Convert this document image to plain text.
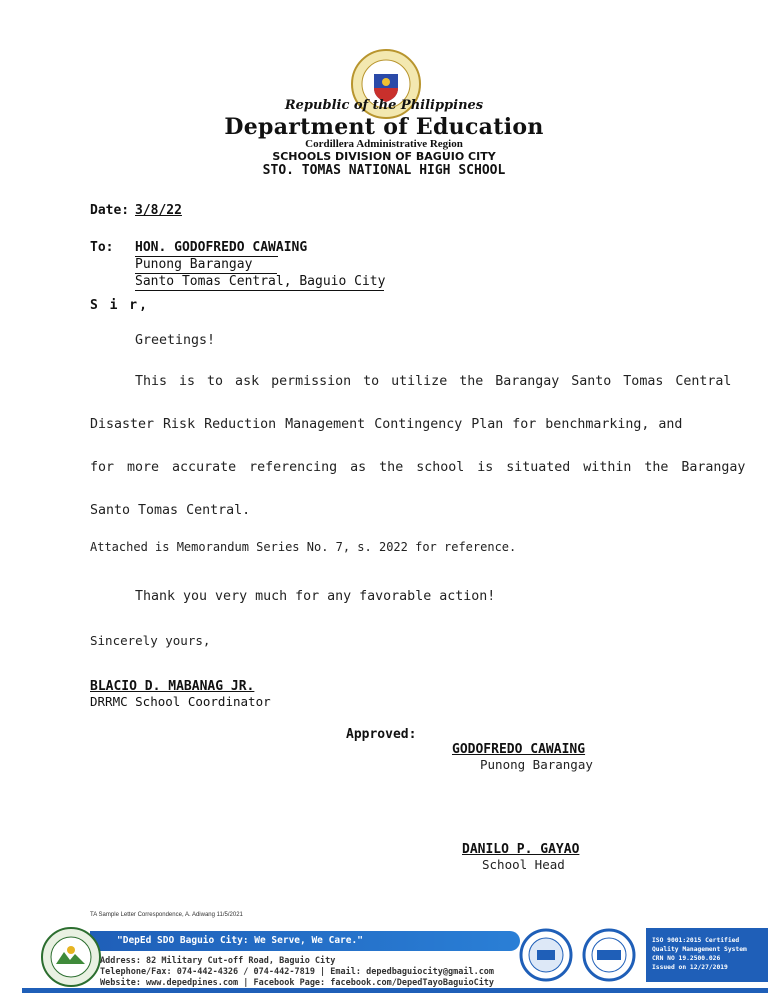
Republic of the Philippines
Department of Education
Cordillera Administrative Region
SCHOOLS DIVISION OF BAGUIO CITY
STO. TOMAS NATIONAL HIGH SCHOOL
Date: 3/8/22
To: HON. GODOFREDO CAWAING
Punong Barangay
Santo Tomas Central, Baguio City
S i r,
Greetings!
This is to ask permission to utilize the Barangay Santo Tomas Central
Disaster Risk Reduction Management Contingency Plan for benchmarking, and
for more accurate referencing as the school is situated within the Barangay
Santo Tomas Central.
Attached is Memorandum Series No. 7, s. 2022 for reference.
Thank you very much for any favorable action!
Sincerely yours,
BLACIO D. MABANAG JR.
DRRMC School Coordinator
Approved:
GODOFREDO CAWAING
Punong Barangay
DANILO P. GAYAO
School Head
TA Sample Letter Correspondence, A. Adiwang 11/5/2021
"DepEd SDO Baguio City: We Serve, We Care."
Address: 82 Military Cut-off Road, Baguio City
Telephone/Fax: 074-442-4326 / 074-442-7819 | Email: depedbaguiocity@gmail.com
Website: www.depedpines.com | Facebook Page: facebook.com/DepedTayoBaguioCity
ISO 9001:2015 Certified
Quality Management System
CRN NO 19.2500.026
Issued on 12/27/2019
